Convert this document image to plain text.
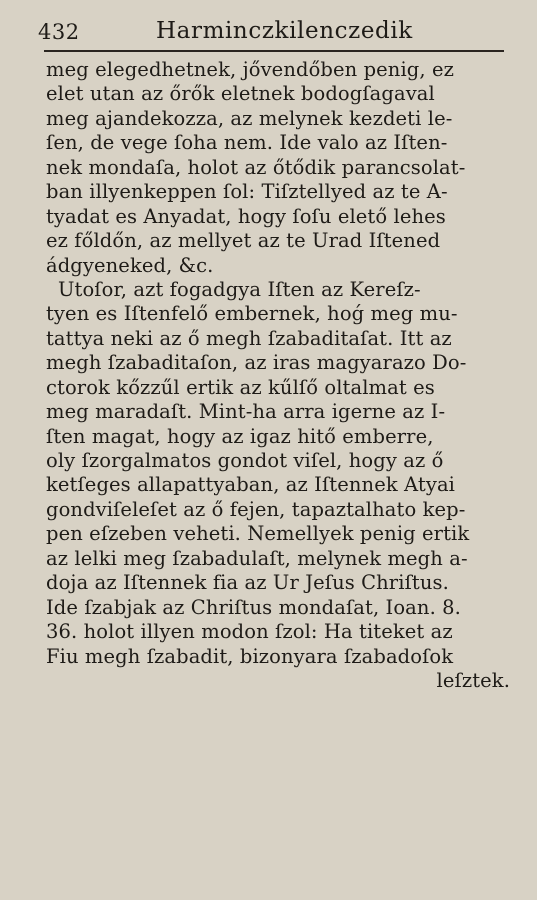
432	Harminczkilenczedik
meg elegedhetnek, jővendőben penig, ez
elet utan az őrők eletnek bodogſagaval
meg ajandekozza, az melynek kezdeti le-
ſen, de vege ſoha nem. Ide valo az Iſten-
nek mondaſa, holot az őtődik parancsolat-
ban illyenkeppen ſol: Tiſztellyed az te A-
tyadat es Anyadat, hogy ſoſu elető lehes
ez főldőn, az mellyet az te Urad Iſtened
ádgyeneked, &c.
Utoſor, azt fogadgya Iſten az Kereſz-
tyen es Iſtenfelő embernek, hoǵ meg mu-
tattya neki az ő megh ſzabaditaſat. Itt az
megh ſzabaditaſon, az iras magyarazo Do-
ctorok kőzzűl ertik az kűlſő oltalmat es
meg maradaſt. Mint-ha arra igerne az I-
ſten magat, hogy az igaz hitő emberre,
oly ſzorgalmatos gondot viſel, hogy az ő
ketſeges allapattyaban, az Iſtennek Atyai
gondviſeleſet az ő fejen, tapaztalhato kep-
pen eſzeben veheti. Nemellyek penig ertik
az lelki meg ſzabadulaſt, melynek megh a-
doja az Iſtennek fia az Ur Jeſus Chriſtus.
Ide ſzabjak az Chriſtus mondaſat, Ioan. 8.
36. holot illyen modon ſzol: Ha titeket az
Fiu megh ſzabadit, bizonyara ſzabadoſok
leſztek.
